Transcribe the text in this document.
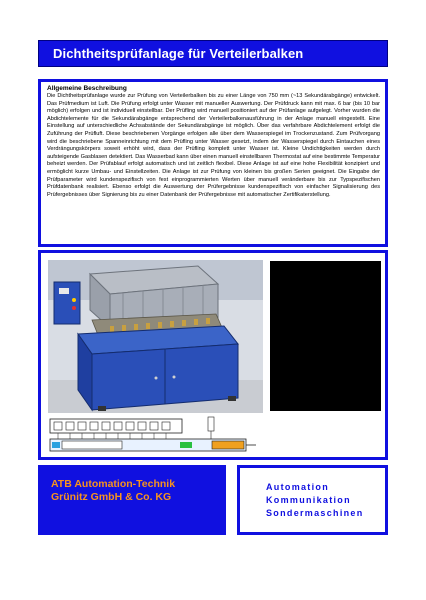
Dichtheitsprüfanlage für Verteilerbalken
Allgemeine Beschreibung
Die Dichtheitsprüfanlage wurde zur Prüfung von Verteilerbalken bis zu einer Länge von 750 mm (~13 Sekundärabgänge) entwickelt. Das Prüfmedium ist Luft. Die Prüfung erfolgt unter Wasser mit manueller Auswertung. Der Prüfdruck kann mit max. 6 bar (bis 10 bar möglich) erfolgen und ist individuell einstellbar. Der Prüfling wird manuell positioniert auf der Prüfanlage aufgelegt. Vorher wurden die Abdichtelemente für die Sekundärabgänge entsprechend der Verteilerbalkenausführung in der Anlage manuell eingestellt. Eine Einstellung auf unterschiedliche Achsabstände der Sekundärabgänge ist möglich. Über das verfahrbare Abdichtelement erfolgt die Zuführung der Prüfluft. Diese beschriebenen Vorgänge erfolgen alle über dem Wasserspiegel im Trockenzustand. Zum Prüfvorgang wird die beschriebene Spanneinrichtung mit dem Prüfling unter Wasser gesetzt, indem der Wasserspiegel durch Eintauchen eines Verdrängungskörpers soweit erhöht wird, dass der Prüfling komplett unter Wasser ist. Kleine Undichtigkeiten werden durch aufsteigende Gasblasen detektiert. Das Wasserbad kann über einen manuell einstellbaren Thermostat auf eine bestimmte Temperatur beheizt werden. Der Prüfablauf erfolgt automatisch und ist zeitlich flexibel. Diese Anlage ist auf eine hohe Flexibilität konzipiert und ermöglicht kurze Umbau- und Einstellzeiten. Die Anlage ist zur Prüfung von kleinen bis großen Serien geeignet. Die Eingabe der Prüfparameter wird kundenspezifisch von fest einprogrammierten Werten über manuell veränderbare bis zur Typspezifischen Prüfdatenbank realisiert. Ebenso erfolgt die Auswertung der Prüfergebnisse kundenspezifisch von einfacher Signalisierung des Prüfergebnisses über Signierung bis zu einer Datenbank der Prüfergebnisse mit automatischer Zertifikaterstellung.
ATB Automation-Technik
Grünitz GmbH & Co. KG
Automation
Kommunikation
Sondermaschinen
